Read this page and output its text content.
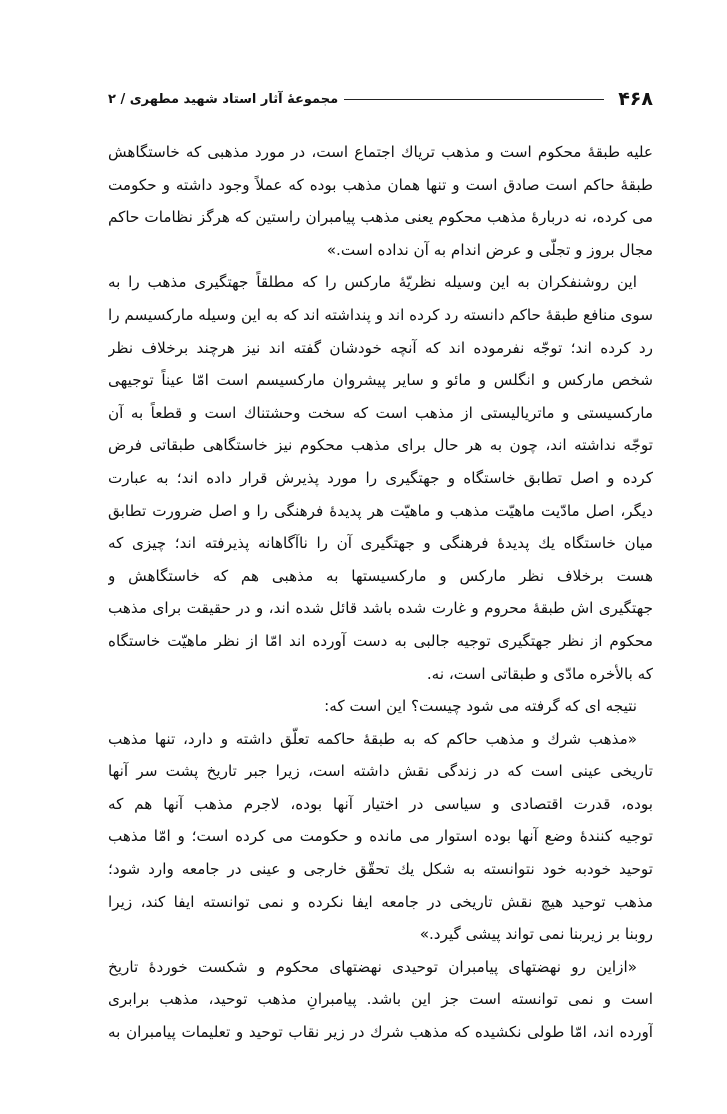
۴۶۸
مجموعهٔ آثار استاد شهید مطهری / ۲
علیه طبقهٔ محکوم است و مذهب تریاك اجتماع است، در مورد مذهبی که خاستگاهش
طبقهٔ حاکم است صادق است و تنها همان مذهب بوده که عملاً وجود داشته و حکومت
می کرده، نه دربارهٔ مذهب محکوم یعنی مذهب پیامبران راستین که هرگز نظامات حاکم
مجال بروز و تجلّی و عرض اندام به آن نداده است.»
این روشنفکران به این وسیله نظریّهٔ مارکس را که مطلقاً جهتگیری مذهب را به
سوی منافع طبقهٔ حاکم دانسته رد کرده اند و پنداشته اند که به این وسیله مارکسیسم را
رد کرده اند؛ توجّه نفرموده اند که آنچه خودشان گفته اند نیز هرچند برخلاف نظر
شخص مارکس و انگلس و مائو و سایر پیشروان مارکسیسم است امّا عیناً توجیهی
مارکسیستی و ماتریالیستی از مذهب است که سخت وحشتناك است و قطعاً به آن
توجّه نداشته اند، چون به هر حال برای مذهب محکوم نیز خاستگاهی طبقاتی فرض
کرده و اصل تطابق خاستگاه و جهتگیری را مورد پذیرش قرار داده اند؛ به عبارت
دیگر، اصل مادّیت ماهیّت مذهب و ماهیّت هر پدیدهٔ فرهنگی را و اصل ضرورت تطابق
میان خاستگاه یك پدیدهٔ فرهنگی و جهتگیری آن را ناآگاهانه پذیرفته اند؛ چیزی که
هست برخلاف نظر مارکس و مارکسیستها به مذهبی هم که خاستگاهش و
جهتگیری اش طبقهٔ محروم و غارت شده باشد قائل شده اند، و در حقیقت برای مذهب
محکوم از نظر جهتگیری توجیه جالبی به دست آورده اند امّا از نظر ماهیّت خاستگاه
که بالأخره مادّی و طبقاتی است، نه.
نتیجه ای که گرفته می شود چیست؟ این است که:
«مذهب شرك و مذهب حاکم که به طبقهٔ حاکمه تعلّق داشته و دارد، تنها مذهب
تاریخی عینی است که در زندگی نقش داشته است، زیرا جبر تاریخ پشت سر آنها
بوده، قدرت اقتصادی و سیاسی در اختیار آنها بوده، لاجرم مذهب آنها هم که
توجیه کنندهٔ وضع آنها بوده استوار می مانده و حکومت می کرده است؛ و امّا مذهب
توحید خودبه خود نتوانسته به شکل یك تحقّق خارجی و عینی در جامعه وارد شود؛
مذهب توحید هیچ نقش تاریخی در جامعه ایفا نکرده و نمی توانسته ایفا کند، زیرا
روبنا بر زیربنا نمی تواند پیشی گیرد.»
«ازاین رو نهضتهای پیامبران توحیدی نهضتهای محکوم و شکست خوردهٔ تاریخ
است و نمی توانسته است جز این باشد. پیامبرانِ مذهب توحید، مذهب برابری
آورده اند، امّا طولی نکشیده که مذهب شرك در زیر نقاب توحید و تعلیمات پیامبران به
